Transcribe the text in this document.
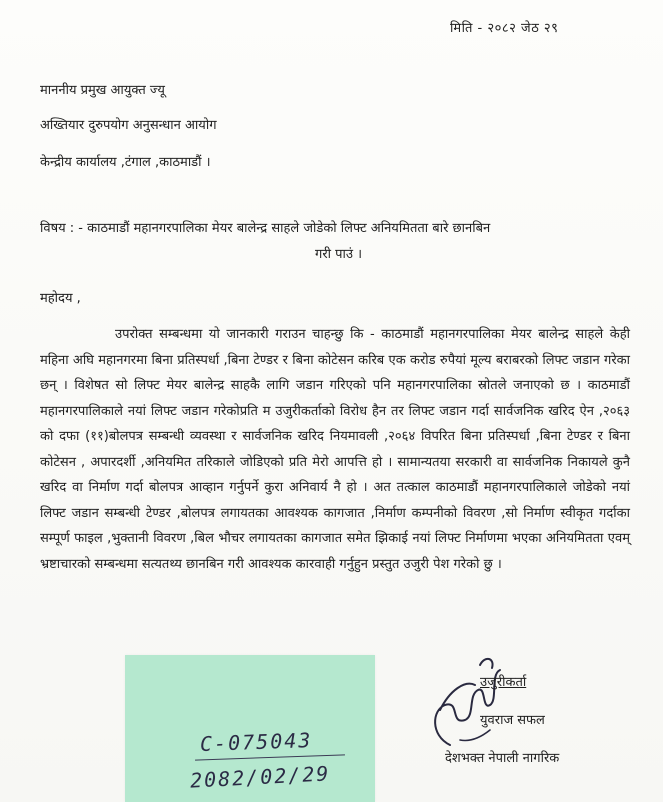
मिति - २०८२ जेठ २९
माननीय प्रमुख आयुक्त ज्यू
अख्तियार दुरुपयोग अनुसन्धान आयोग
केन्द्रीय कार्यालय ,टंगाल ,काठमाडौं ।
विषय : - काठमाडौं महानगरपालिका मेयर बालेन्द्र साहले जोडेको लिफ्ट अनियमितता बारे छानबिन
गरी पाउं ।
महोदय ,
उपरोक्त सम्बन्धमा यो जानकारी गराउन चाहन्छु कि - काठमाडौं महानगरपालिका मेयर बालेन्द्र साहले केही महिना अघि महानगरमा बिना प्रतिस्पर्धा ,बिना टेण्डर र बिना कोटेसन करिब एक करोड रुपैयां मूल्य बराबरको लिफ्ट जडान गरेका छन् । विशेषत सो लिफ्ट मेयर बालेन्द्र साहकै लागि जडान गरिएको पनि महानगरपालिका स्रोतले जनाएको छ । काठमाडौं महानगरपालिकाले नयां लिफ्ट जडान गरेकोप्रति म उजुरीकर्ताको विरोध हैन तर लिफ्ट जडान गर्दा सार्वजनिक खरिद ऐन ,२०६३ को दफा (११)बोलपत्र सम्बन्धी व्यवस्था र सार्वजनिक खरिद नियमावली ,२०६४ विपरित बिना प्रतिस्पर्धा ,बिना टेण्डर र बिना कोटेसन , अपारदर्शी ,अनियमित तरिकाले जोडिएको प्रति मेरो आपत्ति हो । सामान्यतया सरकारी वा सार्वजनिक निकायले कुनै खरिद वा निर्माण गर्दा बोलपत्र आव्हान गर्नुपर्ने कुरा अनिवार्य नै हो । अत तत्काल काठमाडौं महानगरपालिकाले जोडेको नयां लिफ्ट जडान सम्बन्धी टेण्डर ,बोलपत्र लगायतका आवश्यक कागजात ,निर्माण कम्पनीको विवरण ,सो निर्माण स्वीकृत गर्दाका सम्पूर्ण फाइल ,भुक्तानी विवरण ,बिल भौचर लगायतका कागजात समेत झिकाई नयां लिफ्ट निर्माणमा भएका अनियमितता एवम् भ्रष्टाचारको सम्बन्धमा सत्यतथ्य छानबिन गरी आवश्यक कारवाही गर्नुहुन प्रस्तुत उजुरी पेश गरेको छु ।
C-075043
2082/02/29
उजुरीकर्ता
युवराज सफल
देशभक्त नेपाली नागरिक
